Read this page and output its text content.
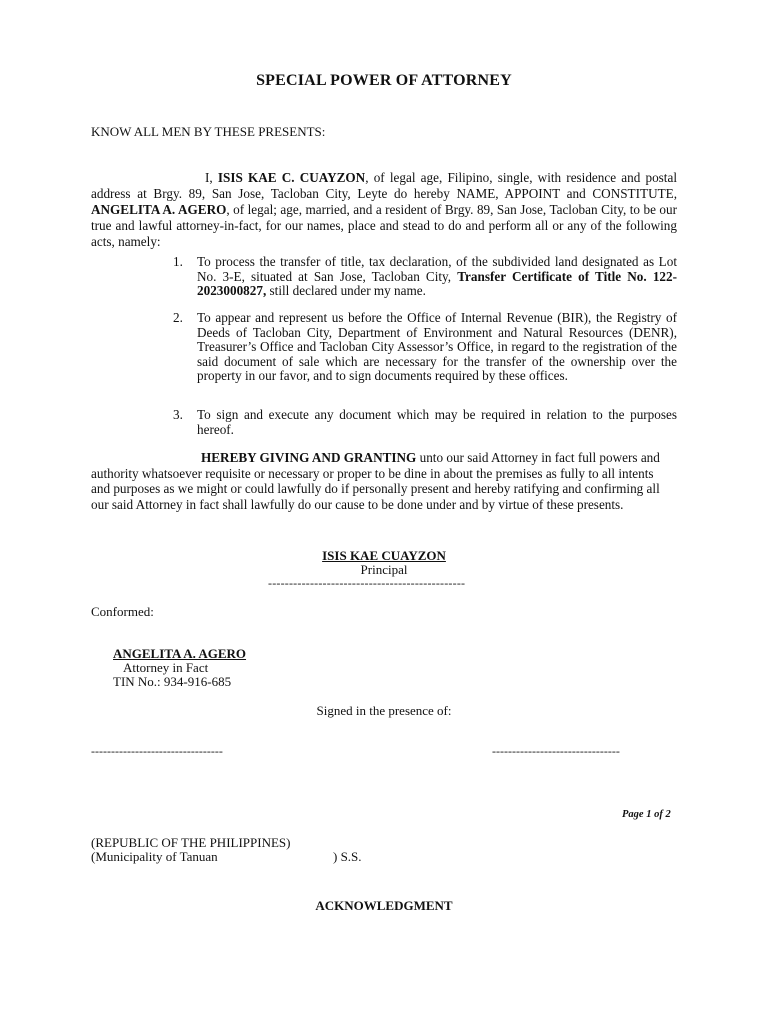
SPECIAL POWER OF ATTORNEY

KNOW ALL MEN BY THESE PRESENTS:

I, ISIS KAE C. CUAYZON, of legal age, Filipino, single, with residence and postal address at Brgy. 89, San Jose, Tacloban City, Leyte do hereby NAME, APPOINT and CONSTITUTE, ANGELITA A. AGERO, of legal; age, married, and a resident of Brgy. 89, San Jose, Tacloban City, to be our true and lawful attorney-in-fact, for our names, place and stead to do and perform all or any of the following acts, namely:

1.	To process the transfer of title, tax declaration, of the subdivided land designated as Lot No. 3-E, situated at San Jose, Tacloban City, Transfer Certificate of Title No. 122-2023000827, still declared under my name.
2.	To appear and represent us before the Office of Internal Revenue (BIR), the Registry of Deeds of Tacloban City, Department of Environment and Natural Resources (DENR), Treasurer’s Office and Tacloban City Assessor’s Office, in regard to the registration of the said document of sale which are necessary for the transfer of the ownership over the property in our favor, and to sign documents required by these offices.
3.	To sign and execute any document which may be required in relation to the purposes hereof.

HEREBY GIVING AND GRANTING unto our said Attorney in fact full powers and authority whatsoever requisite or necessary or proper to be dine in about the premises as fully to all intents and purposes as we might or could lawfully do if personally present and hereby ratifying and confirming all our said Attorney in fact shall lawfully do our cause to be done under and by virtue of these presents.

ISIS KAE CUAYZON

Principal

-----------------------------------------------

Conformed:

ANGELITA A. AGERO

Attorney in Fact

TIN No.: 934-916-685

Signed in the presence of:

---------------------------------	--------------------------------

Page 1 of 2

(REPUBLIC OF THE PHILIPPINES)

(Municipality of Tanuan	) S.S.

ACKNOWLEDGMENT
